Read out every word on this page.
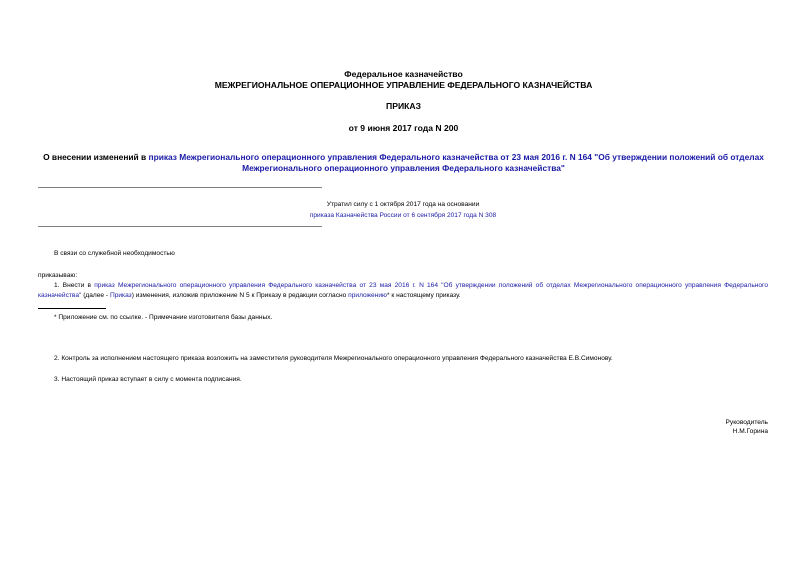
Федеральное казначейство
МЕЖРЕГИОНАЛЬНОЕ ОПЕРАЦИОННОЕ УПРАВЛЕНИЕ ФЕДЕРАЛЬНОГО КАЗНАЧЕЙСТВА
ПРИКАЗ
от 9 июня 2017 года N 200
О внесении изменений в приказ Межрегионального операционного управления Федерального казначейства от 23 мая 2016 г. N 164 "Об утверждении положений об отделах Межрегионального операционного управления Федерального казначейства"
Утратил силу с 1 октября 2017 года на основании
приказа Казначейства России от 6 сентября 2017 года N 308
В связи со служебной необходимостью
приказываю:
1. Внести в приказ Межрегионального операционного управления Федерального казначейства от 23 мая 2016 г. N 164 "Об утверждении положений об отделах Межрегионального операционного управления Федерального казначейства" (далее - Приказ) изменения, изложив приложение N 5 к Приказу в редакции согласно приложению* к настоящему приказу.
* Приложение см. по ссылке. - Примечание изготовителя базы данных.
2. Контроль за исполнением настоящего приказа возложить на заместителя руководителя Межрегионального операционного управления Федерального казначейства Е.В.Симонову.
3. Настоящий приказ вступает в силу с момента подписания.
Руководитель
Н.М.Горина
